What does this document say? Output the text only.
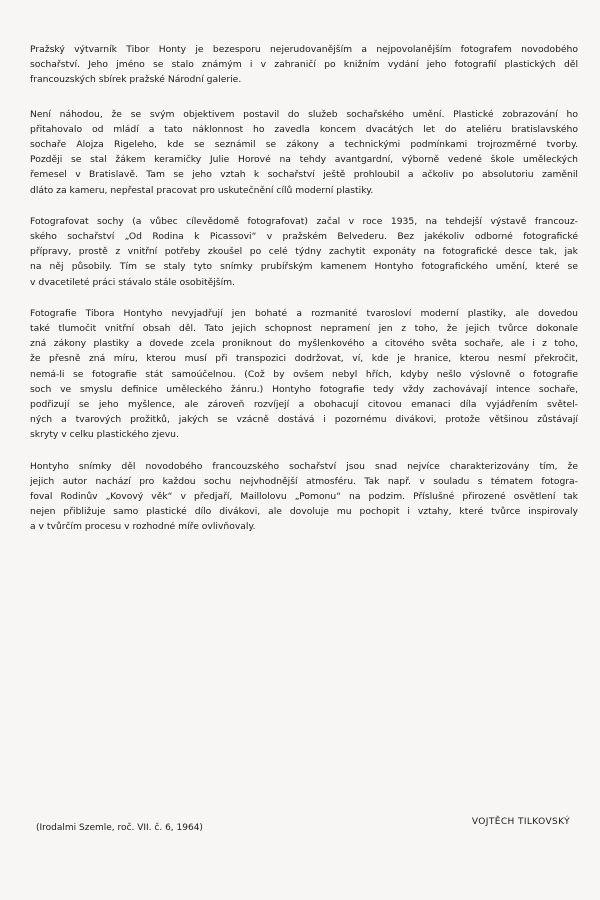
Pražský výtvarník Tibor Honty je bezesporu nejerudovanějším a nejpovolanějším fotografem novodobého
sochařství. Jeho jméno se stalo známým i v zahraničí po knižním vydání jeho fotografií plastických děl
francouzských sbírek pražské Národní galerie.

Není náhodou, že se svým objektivem postavil do služeb sochařského umění. Plastické zobrazování ho
přitahovalo od mládí a tato náklonnost ho zavedla koncem dvacátých let do ateliéru bratislavského
sochaře Alojza Rigeleho, kde se seznámil se zákony a technickými podmínkami trojrozměrné tvorby.
Později se stal žákem keramičky Julie Horové na tehdy avantgardní, výborně vedené škole uměleckých
řemesel v Bratislavě. Tam se jeho vztah k sochařství ještě prohloubil a ačkoliv po absolutoriu zaměnil
dláto za kameru, nepřestal pracovat pro uskutečnění cílů moderní plastiky.

Fotografovat sochy (a vůbec cílevědomě fotografovat) začal v roce 1935, na tehdejší výstavě francouz-
ského sochařství „Od Rodina k Picassovi“ v pražském Belvederu. Bez jakékoliv odborné fotografické
přípravy, prostě z vnitřní potřeby zkoušel po celé týdny zachytit exponáty na fotografické desce tak, jak
na něj působily. Tím se staly tyto snímky prubířským kamenem Hontyho fotografického umění, které se
v dvacetileté práci stávalo stále osobitějším.

Fotografie Tibora Hontyho nevyjadřují jen bohaté a rozmanité tvarosloví moderní plastiky, ale dovedou
také tlumočit vnitřní obsah děl. Tato jejich schopnost nepramení jen z toho, že jejich tvůrce dokonale
zná zákony plastiky a dovede zcela proniknout do myšlenkového a citového světa sochaře, ale i z toho,
že přesně zná míru, kterou musí při transpozici dodržovat, ví, kde je hranice, kterou nesmí překročit,
nemá-li se fotografie stát samoúčelnou. (Což by ovšem nebyl hřích, kdyby nešlo výslovně o fotografie
soch ve smyslu definice uměleckého žánru.) Hontyho fotografie tedy vždy zachovávají intence sochaře,
podřizují se jeho myšlence, ale zároveň rozvíjejí a obohacují citovou emanaci díla vyjádřením světel-
ných a tvarových prožitků, jakých se vzácně dostává i pozornému divákovi, protože většinou zůstávají
skryty v celku plastického zjevu.

Hontyho snímky děl novodobého francouzského sochařství jsou snad nejvíce charakterizovány tím, že
jejich autor nachází pro každou sochu nejvhodnější atmosféru. Tak např. v souladu s tématem fotogra-
foval Rodinův „Kovový věk“ v předjaří, Maillolovu „Pomonu“ na podzim. Příslušné přirozené osvětlení tak
nejen přibližuje samo plastické dílo divákovi, ale dovoluje mu pochopit i vztahy, které tvůrce inspirovaly
a v tvůrčím procesu v rozhodné míře ovlivňovaly.

(Irodalmi Szemle, roč. VII. č. 6, 1964)
VOJTĚCH TILKOVSKÝ
